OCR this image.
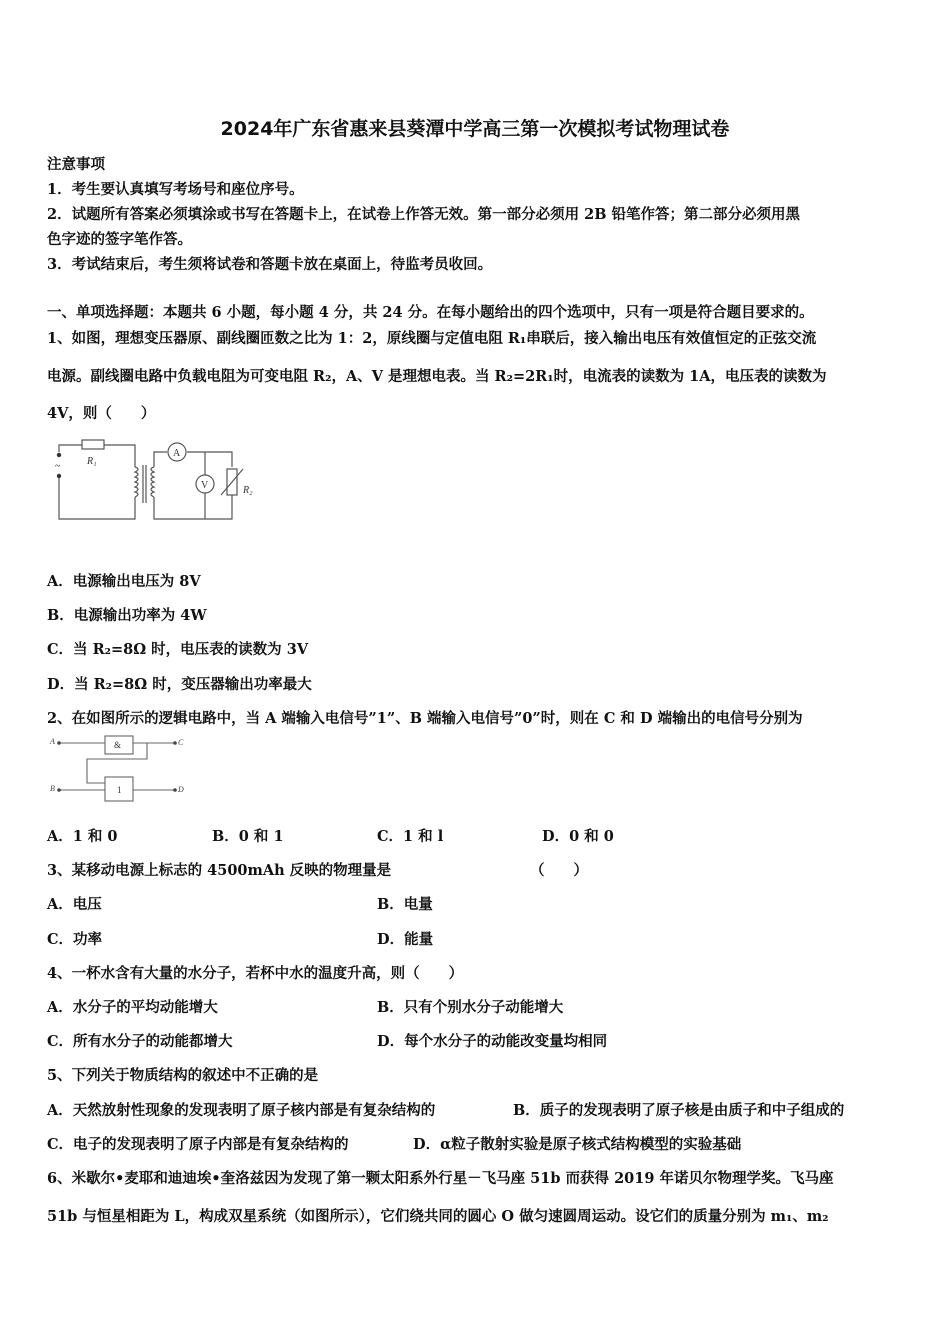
2024年广东省惠来县葵潭中学高三第一次模拟考试物理试卷
注意事项
1．考生要认真填写考场号和座位序号。
2．试题所有答案必须填涂或书写在答题卡上，在试卷上作答无效。第一部分必须用 2B 铅笔作答；第二部分必须用黑
色字迹的签字笔作答。
3．考试结束后，考生须将试卷和答题卡放在桌面上，待监考员收回。
一、单项选择题：本题共 6 小题，每小题 4 分，共 24 分。在每小题给出的四个选项中，只有一项是符合题目要求的。
1、如图，理想变压器原、副线圈匝数之比为 1：2，原线圈与定值电阻 R₁串联后，接入输出电压有效值恒定的正弦交流
电源。副线圈电路中负载电阻为可变电阻 R₂，A、V 是理想电表。当 R₂=2R₁时，电流表的读数为 1A，电压表的读数为
4V，则（　　）
~	R₁
A
V	R₂
A．电源输出电压为 8V
B．电源输出功率为 4W
C．当 R₂=8Ω 时，电压表的读数为 3V
D．当 R₂=8Ω 时，变压器输出功率最大
2、在如图所示的逻辑电路中，当 A 端输入电信号”1”、B 端输入电信号”0”时，则在 C 和 D 端输出的电信号分别为
A
B
C
D
&
1
A．1 和 0	B．0 和 1	C．1 和 l	D．0 和 0
3、某移动电源上标志的 4500mAh 反映的物理量是	（　　）
A．电压	B．电量
C．功率	D．能量
4、一杯水含有大量的水分子，若杯中水的温度升高，则（　　）
A．水分子的平均动能增大	B．只有个别水分子动能增大
C．所有水分子的动能都增大	D．每个水分子的动能改变量均相同
5、下列关于物质结构的叙述中不正确的是
A．天然放射性现象的发现表明了原子核内部是有复杂结构的	B．质子的发现表明了原子核是由质子和中子组成的
C．电子的发现表明了原子内部是有复杂结构的	D．α粒子散射实验是原子核式结构模型的实验基础
6、米歇尔•麦耶和迪迪埃•奎洛兹因为发现了第一颗太阳系外行星－飞马座 51b 而获得 2019 年诺贝尔物理学奖。飞马座
51b 与恒星相距为 L，构成双星系统（如图所示），它们绕共同的圆心 O 做匀速圆周运动。设它们的质量分别为 m₁、m₂
